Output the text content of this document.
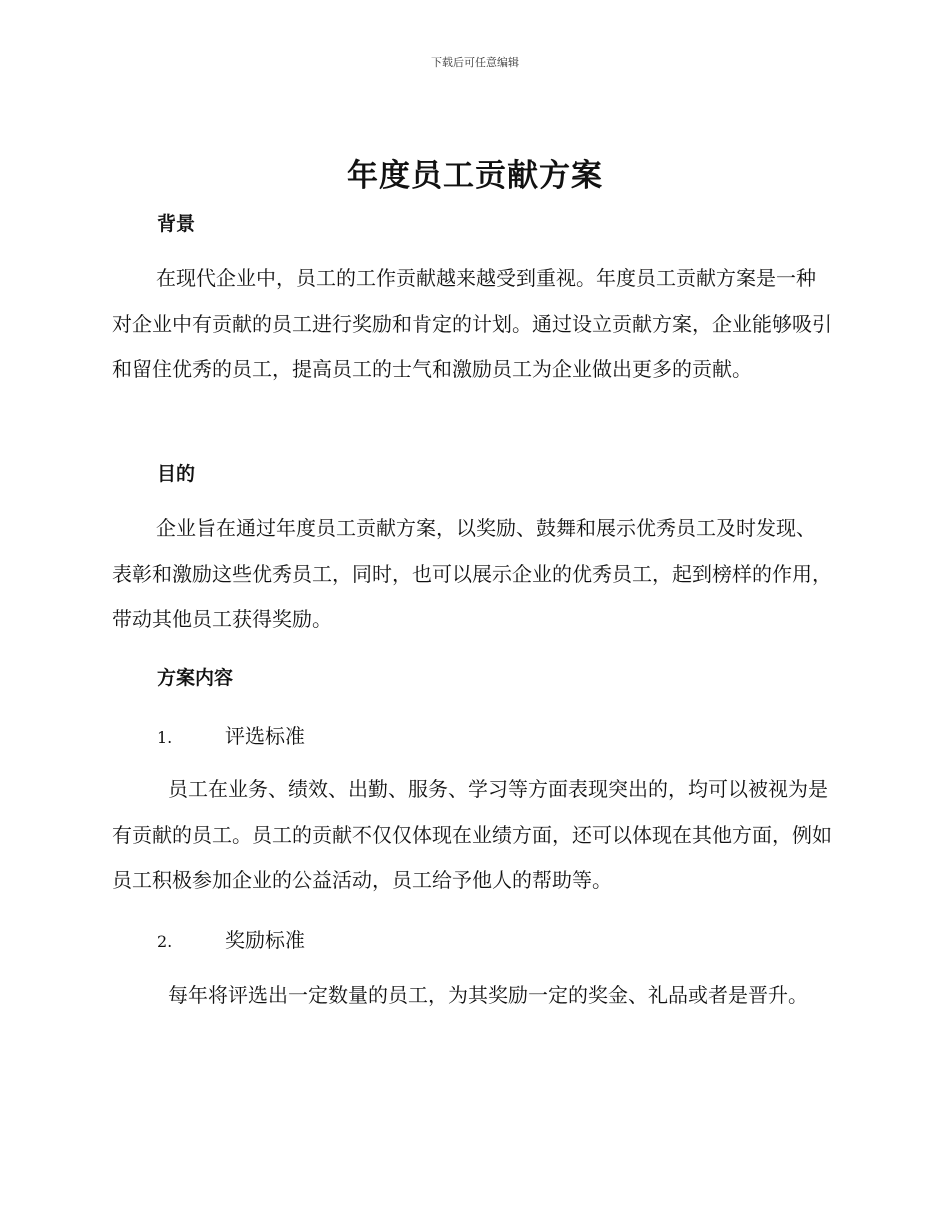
下载后可任意编辑
年度员工贡献方案
背景
在现代企业中，员工的工作贡献越来越受到重视。年度员工贡献方案是一种对企业中有贡献的员工进行奖励和肯定的计划。通过设立贡献方案，企业能够吸引和留住优秀的员工，提高员工的士气和激励员工为企业做出更多的贡献。
目的
企业旨在通过年度员工贡献方案，以奖励、鼓舞和展示优秀员工及时发现、表彰和激励这些优秀员工，同时，也可以展示企业的优秀员工，起到榜样的作用，带动其他员工获得奖励。
方案内容
1.	评选标准
员工在业务、绩效、出勤、服务、学习等方面表现突出的，均可以被视为是有贡献的员工。员工的贡献不仅仅体现在业绩方面，还可以体现在其他方面，例如员工积极参加企业的公益活动，员工给予他人的帮助等。
2.	奖励标准
每年将评选出一定数量的员工，为其奖励一定的奖金、礼品或者是晋升。
